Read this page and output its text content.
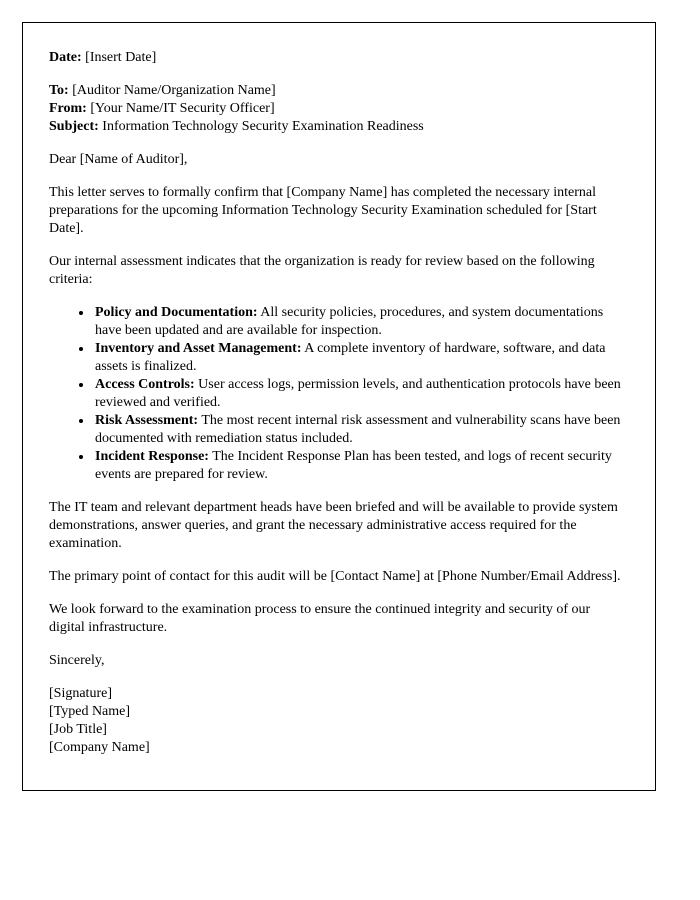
Date: [Insert Date]
To: [Auditor Name/Organization Name]
From: [Your Name/IT Security Officer]
Subject: Information Technology Security Examination Readiness

Dear [Name of Auditor],

This letter serves to formally confirm that [Company Name] has completed the necessary internal preparations for the upcoming Information Technology Security Examination scheduled for [Start Date].

Our internal assessment indicates that the organization is ready for review based on the following criteria:

• Policy and Documentation: All security policies, procedures, and system documentations have been updated and are available for inspection.
• Inventory and Asset Management: A complete inventory of hardware, software, and data assets is finalized.
• Access Controls: User access logs, permission levels, and authentication protocols have been reviewed and verified.
• Risk Assessment: The most recent internal risk assessment and vulnerability scans have been documented with remediation status included.
• Incident Response: The Incident Response Plan has been tested, and logs of recent security events are prepared for review.

The IT team and relevant department heads have been briefed and will be available to provide system demonstrations, answer queries, and grant the necessary administrative access required for the examination.

The primary point of contact for this audit will be [Contact Name] at [Phone Number/Email Address].

We look forward to the examination process to ensure the continued integrity and security of our digital infrastructure.

Sincerely,

[Signature]
[Typed Name]
[Job Title]
[Company Name]
